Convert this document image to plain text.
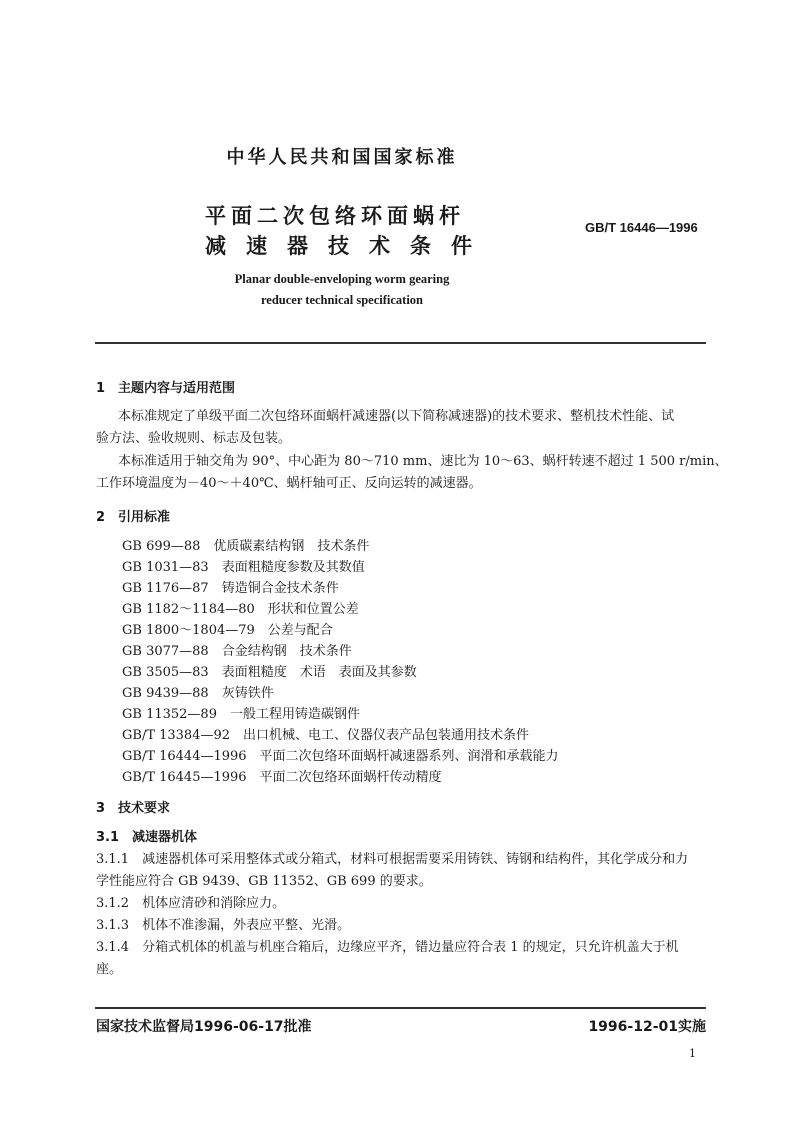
中华人民共和国国家标准
平面二次包络环面蜗杆
减速器技术条件
GB/T 16446—1996
Planar double-enveloping worm gearing
reducer technical specification
1　主题内容与适用范围
本标准规定了单级平面二次包络环面蜗杆减速器(以下简称减速器)的技术要求、整机技术性能、试
验方法、验收规则、标志及包装。
本标准适用于轴交角为 90°、中心距为 80～710 mm、速比为 10～63、蜗杆转速不超过 1 500 r/min、
工作环境温度为－40～＋40℃、蜗杆轴可正、反向运转的减速器。
2　引用标准
GB 699—88　优质碳素结构钢　技术条件
GB 1031—83　表面粗糙度参数及其数值
GB 1176—87　铸造铜合金技术条件
GB 1182～1184—80　形状和位置公差
GB 1800～1804—79　公差与配合
GB 3077—88　合金结构钢　技术条件
GB 3505—83　表面粗糙度　术语　表面及其参数
GB 9439—88　灰铸铁件
GB 11352—89　一般工程用铸造碳钢件
GB/T 13384—92　出口机械、电工、仪器仪表产品包装通用技术条件
GB/T 16444—1996　平面二次包络环面蜗杆减速器系列、润滑和承载能力
GB/T 16445—1996　平面二次包络环面蜗杆传动精度
3　技术要求
3.1　减速器机体
3.1.1　减速器机体可采用整体式或分箱式，材料可根据需要采用铸铁、铸钢和结构件，其化学成分和力
学性能应符合 GB 9439、GB 11352、GB 699 的要求。
3.1.2　机体应清砂和消除应力。
3.1.3　机体不准渗漏，外表应平整、光滑。
3.1.4　分箱式机体的机盖与机座合箱后，边缘应平齐，错边量应符合表 1 的规定，只允许机盖大于机
座。
国家技术监督局1996-06-17批准	1996-12-01实施
1
